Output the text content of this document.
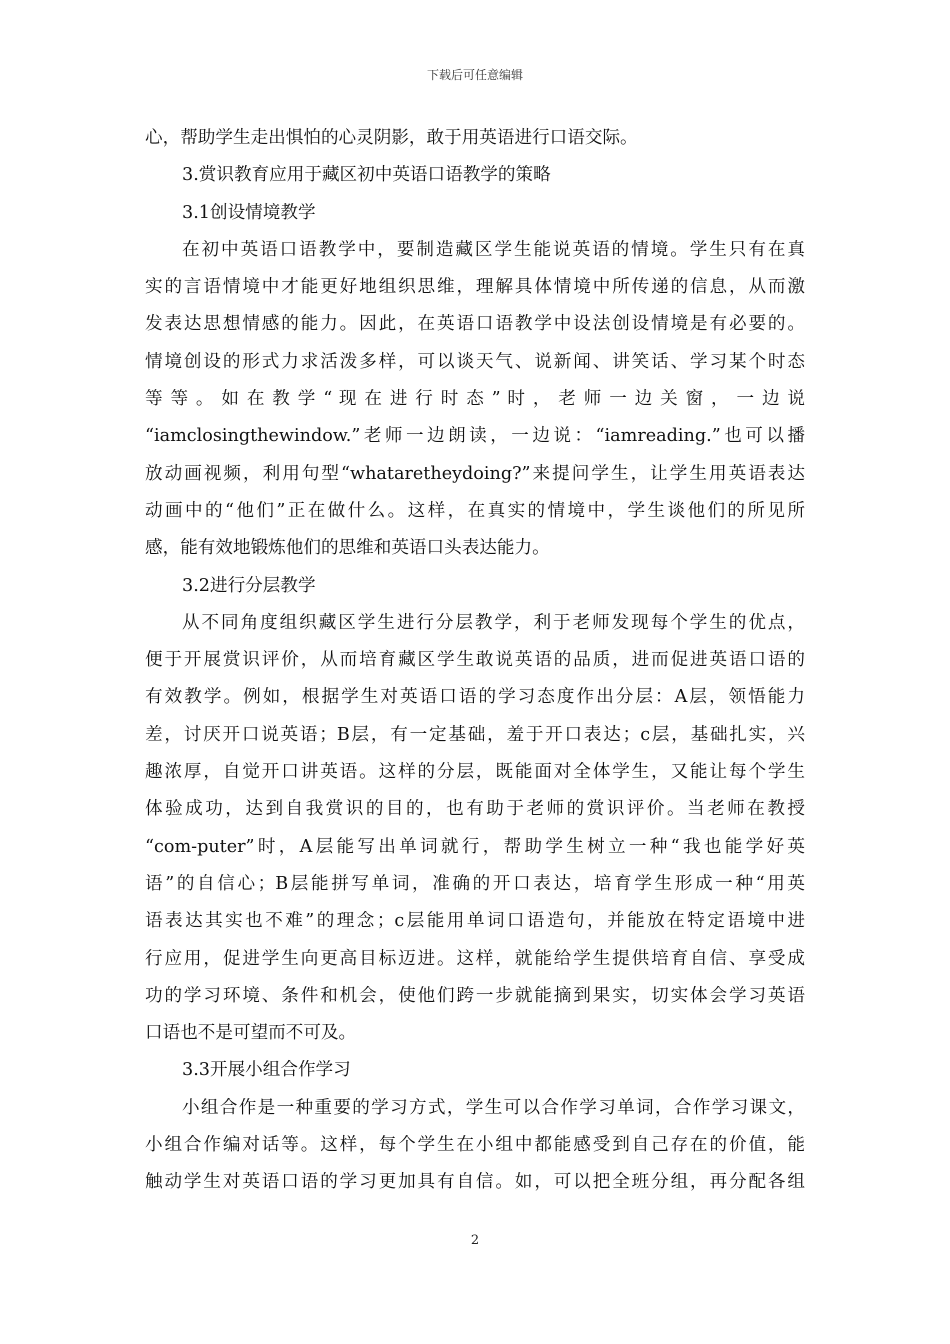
下载后可任意编辑
心，帮助学生走出惧怕的心灵阴影，敢于用英语进行口语交际。
3.赏识教育应用于藏区初中英语口语教学的策略
3.1创设情境教学
在初中英语口语教学中，要制造藏区学生能说英语的情境。学生只有在真
实的言语情境中才能更好地组织思维，理解具体情境中所传递的信息，从而激
发表达思想情感的能力。因此，在英语口语教学中设法创设情境是有必要的。
情境创设的形式力求活泼多样，可以谈天气、说新闻、讲笑话、学习某个时态
等 等 。 如 在 教 学 “ 现 在 进 行 时 态 ” 时 ， 老 师 一 边 关 窗 ， 一 边 说
“iamclosingthewindow.”老师一边朗读，一边说：“iamreading.”也可以播
放动画视频，利用句型“whataretheydoing?”来提问学生，让学生用英语表达
动画中的“他们”正在做什么。这样，在真实的情境中，学生谈他们的所见所
感，能有效地锻炼他们的思维和英语口头表达能力。
3.2进行分层教学
从不同角度组织藏区学生进行分层教学，利于老师发现每个学生的优点，
便于开展赏识评价，从而培育藏区学生敢说英语的品质，进而促进英语口语的
有效教学。例如，根据学生对英语口语的学习态度作出分层：A层，领悟能力
差，讨厌开口说英语；B层，有一定基础，羞于开口表达；c层，基础扎实，兴
趣浓厚，自觉开口讲英语。这样的分层，既能面对全体学生，又能让每个学生
体验成功，达到自我赏识的目的，也有助于老师的赏识评价。当老师在教授
“com-puter”时，A层能写出单词就行，帮助学生树立一种“我也能学好英
语”的自信心；B层能拼写单词，准确的开口表达，培育学生形成一种“用英
语表达其实也不难”的理念；c层能用单词口语造句，并能放在特定语境中进
行应用，促进学生向更高目标迈进。这样，就能给学生提供培育自信、享受成
功的学习环境、条件和机会，使他们跨一步就能摘到果实，切实体会学习英语
口语也不是可望而不可及。
3.3开展小组合作学习
小组合作是一种重要的学习方式，学生可以合作学习单词，合作学习课文，
小组合作编对话等。这样，每个学生在小组中都能感受到自己存在的价值，能
触动学生对英语口语的学习更加具有自信。如，可以把全班分组，再分配各组
2
